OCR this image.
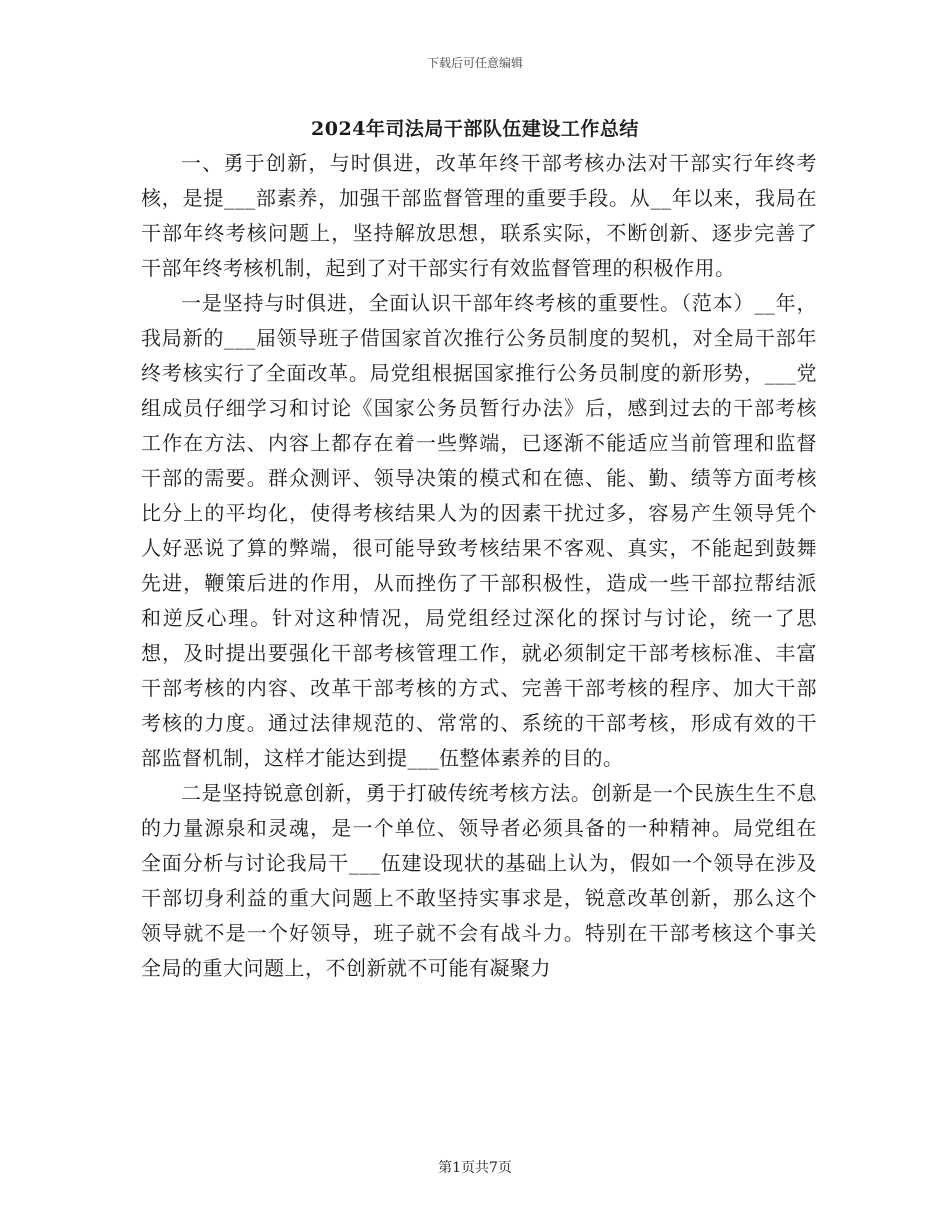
下载后可任意编辑
2024年司法局干部队伍建设工作总结

一、勇于创新，与时俱进，改革年终干部考核办法对干部实行年终考核，是提___部素养，加强干部监督管理的重要手段。从__年以来，我局在干部年终考核问题上，坚持解放思想，联系实际，不断创新、逐步完善了干部年终考核机制，起到了对干部实行有效监督管理的积极作用。

一是坚持与时俱进，全面认识干部年终考核的重要性。（范本）__年，我局新的___届领导班子借国家首次推行公务员制度的契机，对全局干部年终考核实行了全面改革。局党组根据国家推行公务员制度的新形势，___党组成员仔细学习和讨论《国家公务员暂行办法》后，感到过去的干部考核工作在方法、内容上都存在着一些弊端，已逐渐不能适应当前管理和监督干部的需要。群众测评、领导决策的模式和在德、能、勤、绩等方面考核比分上的平均化，使得考核结果人为的因素干扰过多，容易产生领导凭个人好恶说了算的弊端，很可能导致考核结果不客观、真实，不能起到鼓舞先进，鞭策后进的作用，从而挫伤了干部积极性，造成一些干部拉帮结派和逆反心理。针对这种情况，局党组经过深化的探讨与讨论，统一了思想，及时提出要强化干部考核管理工作，就必须制定干部考核标准、丰富干部考核的内容、改革干部考核的方式、完善干部考核的程序、加大干部考核的力度。通过法律规范的、常常的、系统的干部考核，形成有效的干部监督机制，这样才能达到提___伍整体素养的目的。

二是坚持锐意创新，勇于打破传统考核方法。创新是一个民族生生不息的力量源泉和灵魂，是一个单位、领导者必须具备的一种精神。局党组在全面分析与讨论我局干___伍建设现状的基础上认为，假如一个领导在涉及干部切身利益的重大问题上不敢坚持实事求是，锐意改革创新，那么这个领导就不是一个好领导，班子就不会有战斗力。特别在干部考核这个事关全局的重大问题上，不创新就不可能有凝聚力

第1页共7页
